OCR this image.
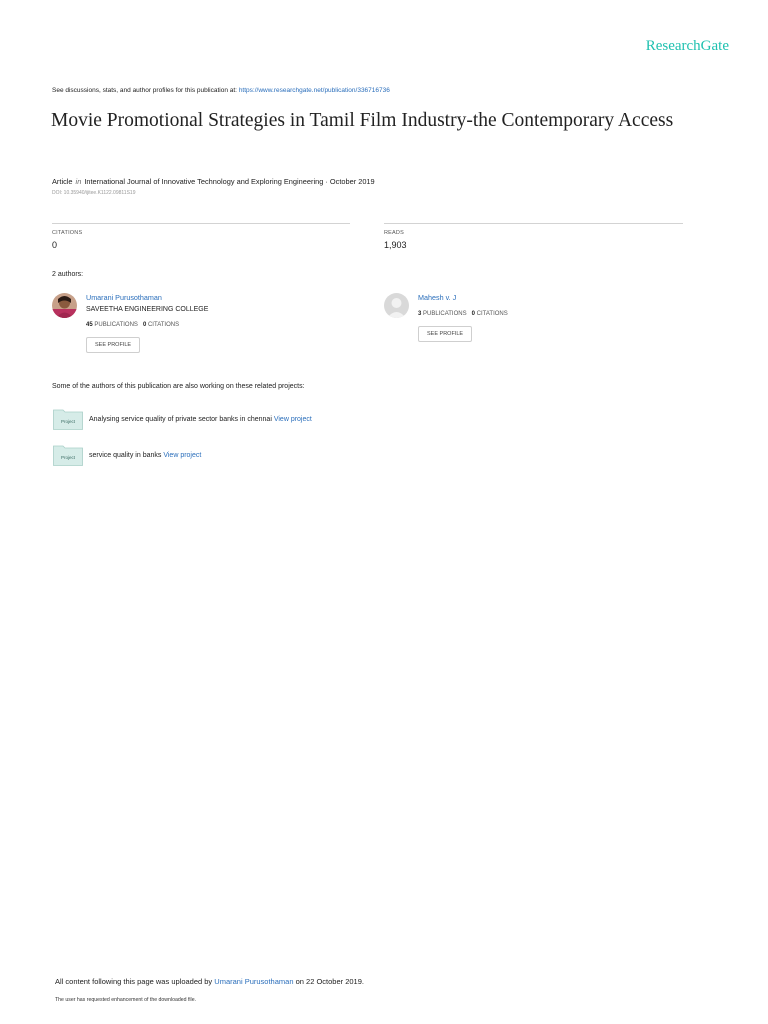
ResearchGate
See discussions, stats, and author profiles for this publication at: https://www.researchgate.net/publication/336716736
Movie Promotional Strategies in Tamil Film Industry-the Contemporary Access
Article in International Journal of Innovative Technology and Exploring Engineering · October 2019
DOI: 10.35940/ijitee.K1122.09811S19
CITATIONS
0
READS
1,903
2 authors:
Umarani Purusothaman
SAVEETHA ENGINEERING COLLEGE
45 PUBLICATIONS 0 CITATIONS
SEE PROFILE
Mahesh v. J
3 PUBLICATIONS 0 CITATIONS
SEE PROFILE
Some of the authors of this publication are also working on these related projects:
Project Analysing service quality of private sector banks in chennai View project
Project service quality in banks View project
All content following this page was uploaded by Umarani Purusothaman on 22 October 2019.
The user has requested enhancement of the downloaded file.
